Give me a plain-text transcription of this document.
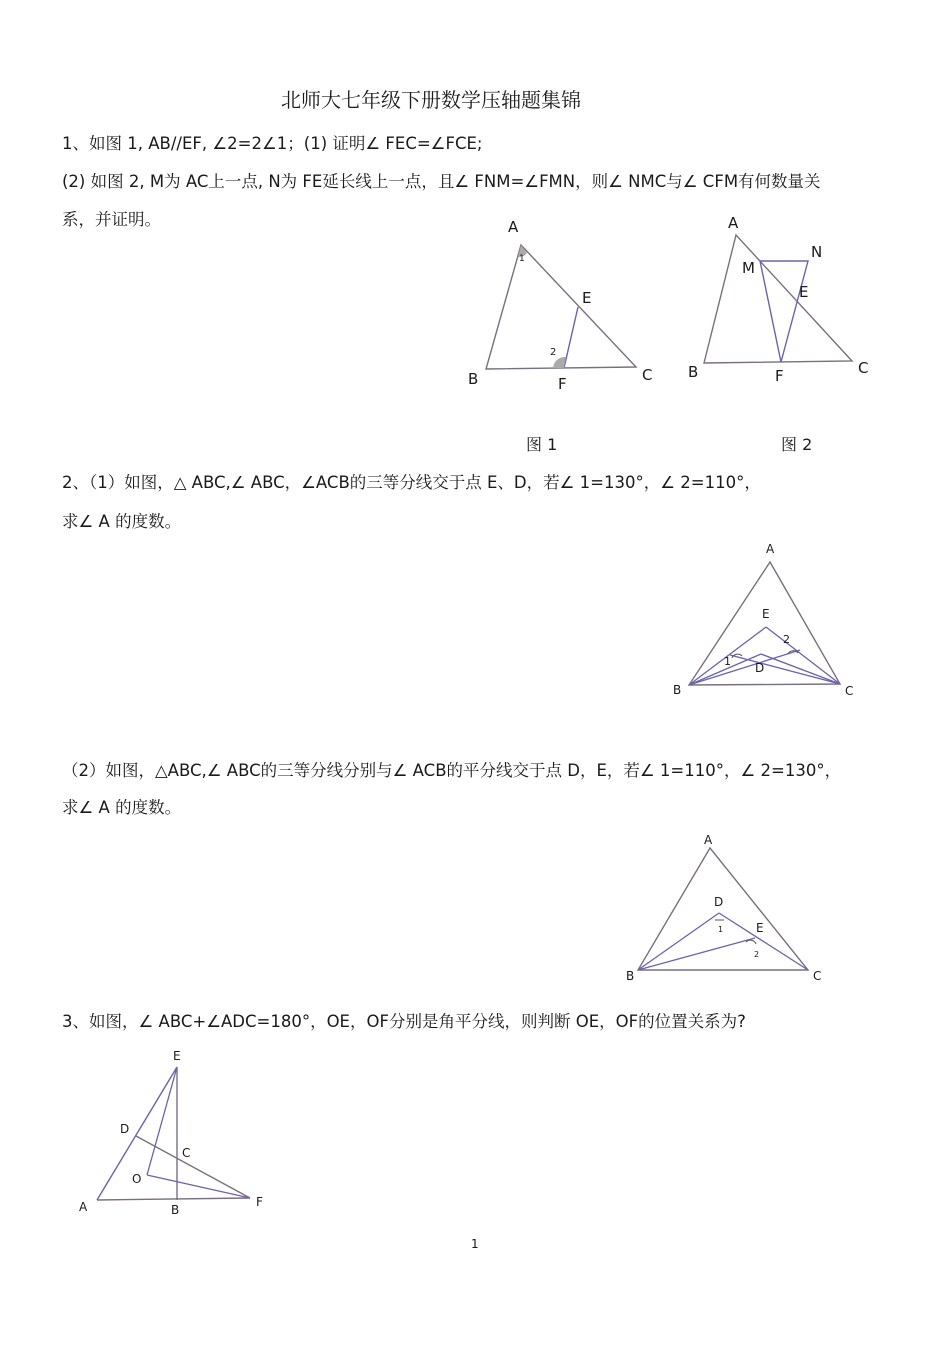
北师大七年级下册数学压轴题集锦
1、如图 1, AB//EF, ∠2=2∠1；(1) 证明∠ FEC=∠FCE;
(2) 如图 2, M为 AC上一点, N为 FE延长线上一点，且∠ FNM=∠FMN，则∠ NMC与∠ CFM有何数量关
系，并证明。	A
B	C
E
F
1
2
A
B	C
E
F
M
N
A
B	C
E
D
1
2
A
B	C
D
E
1
2
E
D
C
O
A	B
F
图 1	图 2
2、（1）如图，△ ABC,∠ ABC，∠ACB的三等分线交于点 E、D，若∠ 1=130°，∠ 2=110°，
求∠ A 的度数。
（2）如图，△ABC,∠ ABC的三等分线分别与∠ ACB的平分线交于点 D，E，若∠ 1=110°，∠ 2=130°，
求∠ A 的度数。
3、如图，∠ ABC+∠ADC=180°，OE，OF分别是角平分线，则判断 OE，OF的位置关系为?
1
